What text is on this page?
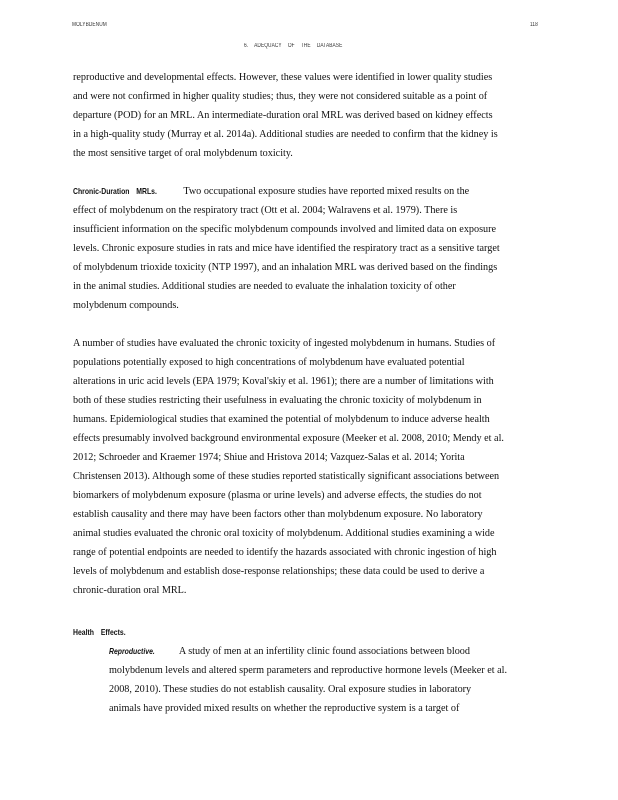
MOLYBDENUM	118
6. ADEQUACY OF THE DATABASE
reproductive and developmental effects. However, these values were identified in lower quality studies
and were not confirmed in higher quality studies; thus, they were not considered suitable as a point of
departure (POD) for an MRL. An intermediate-duration oral MRL was derived based on kidney effects
in a high-quality study (Murray et al. 2014a). Additional studies are needed to confirm that the kidney is
the most sensitive target of oral molybdenum toxicity.
Chronic-Duration MRLs.	Two occupational exposure studies have reported mixed results on the
effect of molybdenum on the respiratory tract (Ott et al. 2004; Walravens et al. 1979). There is
insufficient information on the specific molybdenum compounds involved and limited data on exposure
levels. Chronic exposure studies in rats and mice have identified the respiratory tract as a sensitive target
of molybdenum trioxide toxicity (NTP 1997), and an inhalation MRL was derived based on the findings
in the animal studies. Additional studies are needed to evaluate the inhalation toxicity of other
molybdenum compounds.
A number of studies have evaluated the chronic toxicity of ingested molybdenum in humans. Studies of
populations potentially exposed to high concentrations of molybdenum have evaluated potential
alterations in uric acid levels (EPA 1979; Koval'skiy et al. 1961); there are a number of limitations with
both of these studies restricting their usefulness in evaluating the chronic toxicity of molybdenum in
humans. Epidemiological studies that examined the potential of molybdenum to induce adverse health
effects presumably involved background environmental exposure (Meeker et al. 2008, 2010; Mendy et al.
2012; Schroeder and Kraemer 1974; Shiue and Hristova 2014; Vazquez-Salas et al. 2014; Yorita
Christensen 2013). Although some of these studies reported statistically significant associations between
biomarkers of molybdenum exposure (plasma or urine levels) and adverse effects, the studies do not
establish causality and there may have been factors other than molybdenum exposure. No laboratory
animal studies evaluated the chronic oral toxicity of molybdenum. Additional studies examining a wide
range of potential endpoints are needed to identify the hazards associated with chronic ingestion of high
levels of molybdenum and establish dose-response relationships; these data could be used to derive a
chronic-duration oral MRL.
Health Effects.
Reproductive. A study of men at an infertility clinic found associations between blood
molybdenum levels and altered sperm parameters and reproductive hormone levels (Meeker et al.
2008, 2010). These studies do not establish causality. Oral exposure studies in laboratory
animals have provided mixed results on whether the reproductive system is a target of
